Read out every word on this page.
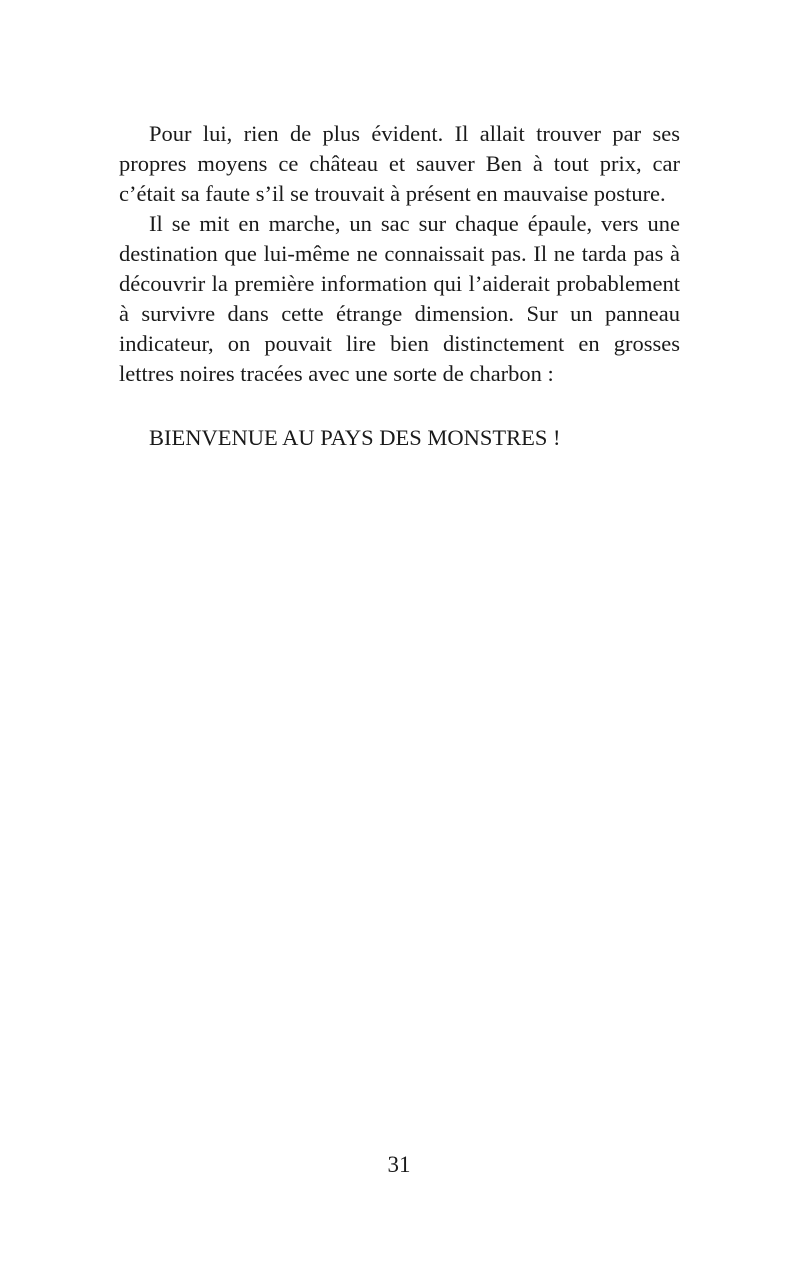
Pour lui, rien de plus évident. Il allait trouver par ses propres moyens ce château et sauver Ben à tout prix, car c’était sa faute s’il se trouvait à présent en mauvaise posture.

Il se mit en marche, un sac sur chaque épaule, vers une destination que lui-même ne connaissait pas. Il ne tarda pas à découvrir la première information qui l’aiderait probablement à survivre dans cette étrange dimension. Sur un panneau indicateur, on pouvait lire bien distinctement en grosses lettres noires tracées avec une sorte de charbon :

BIENVENUE AU PAYS DES MONSTRES !

31
